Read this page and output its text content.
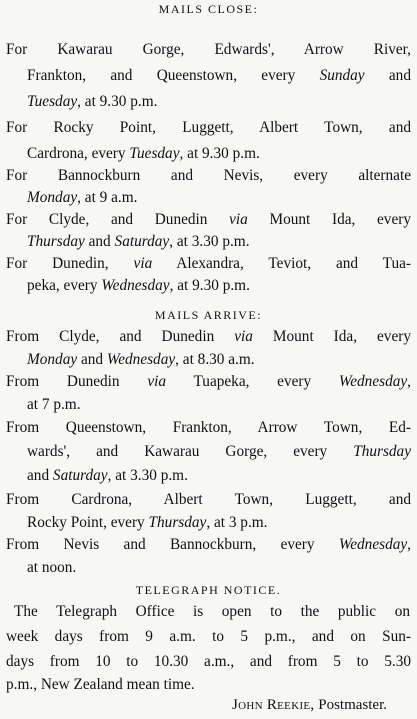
MAILS CLOSE:
For Kawarau Gorge, Edwards', Arrow River,
Frankton, and Queenstown, every Sunday and
Tuesday, at 9.30 p.m.
For Rocky Point, Luggett, Albert Town, and
Cardrona, every Tuesday, at 9.30 p.m.
For Bannockburn and Nevis, every alternate
Monday, at 9 a.m.
For Clyde, and Dunedin via Mount Ida, every
Thursday and Saturday, at 3.30 p.m.
For Dunedin, via Alexandra, Teviot, and Tua-
peka, every Wednesday, at 9.30 p.m.
MAILS ARRIVE:
From Clyde, and Dunedin via Mount Ida, every
Monday and Wednesday, at 8.30 a.m.
From Dunedin via Tuapeka, every Wednesday,
at 7 p.m.
From Queenstown, Frankton, Arrow Town, Ed-
wards', and Kawarau Gorge, every Thursday
and Saturday, at 3.30 p.m.
From Cardrona, Albert Town, Luggett, and
Rocky Point, every Thursday, at 3 p.m.
From Nevis and Bannockburn, every Wednesday,
at noon.
TELEGRAPH NOTICE.
The Telegraph Office is open to the public on
week days from 9 a.m. to 5 p.m., and on Sun-
days from 10 to 10.30 a.m., and from 5 to 5.30
p.m., New Zealand mean time.
John Reekie, Postmaster.
